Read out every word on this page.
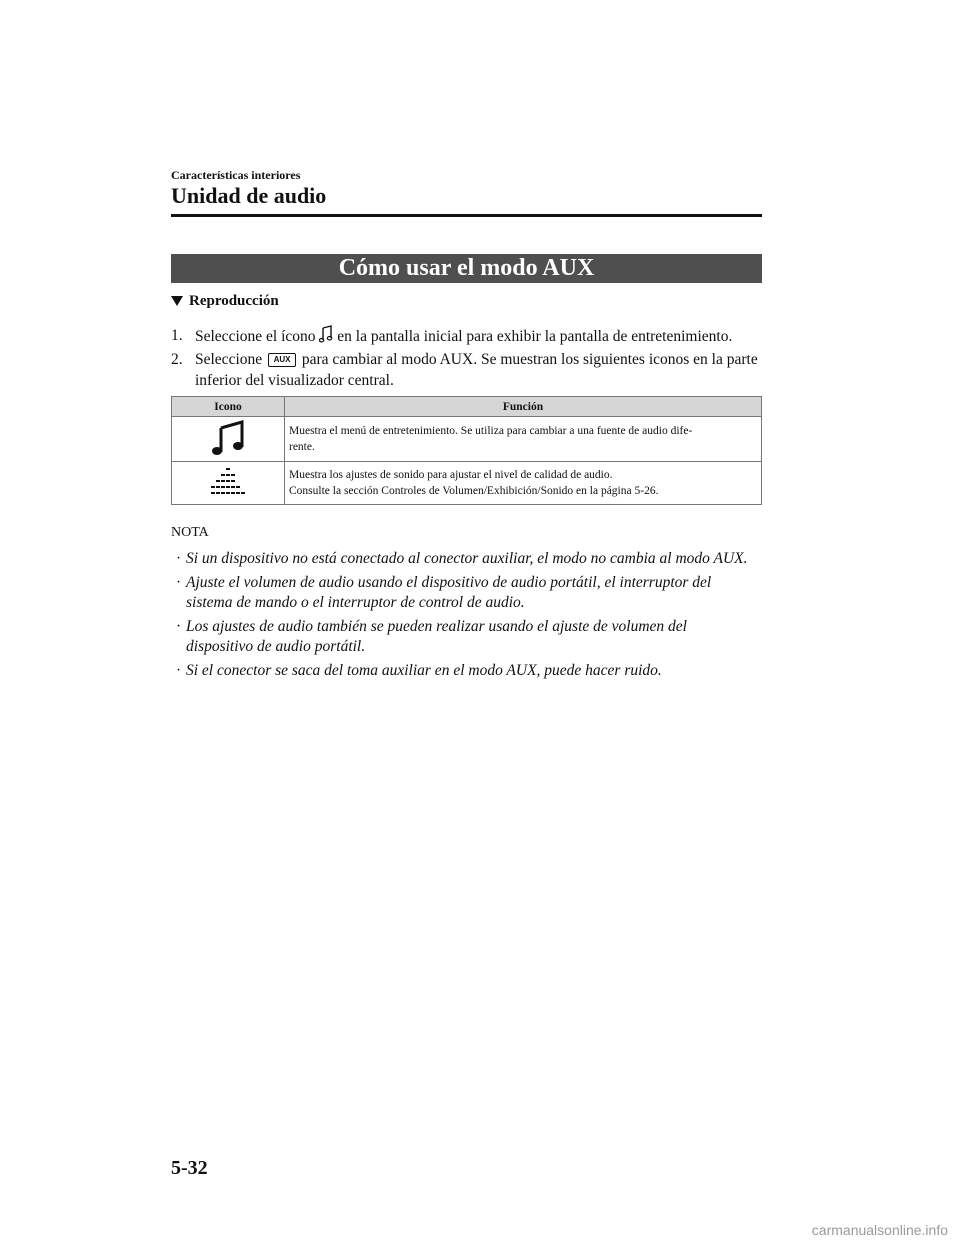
Características interiores
Unidad de audio
Cómo usar el modo AUX
Reproducción
1. Seleccione el ícono en la pantalla inicial para exhibir la pantalla de entretenimiento.
2. Seleccione AUX para cambiar al modo AUX. Se muestran los siguientes iconos en la parte inferior del visualizador central.
Icono	Función
	Muestra el menú de entretenimiento. Se utiliza para cambiar a una fuente de audio dife-
rente.
	Muestra los ajustes de sonido para ajustar el nivel de calidad de audio.
Consulte la sección Controles de Volumen/Exhibición/Sonido en la página 5-26.
NOTA
· Si un dispositivo no está conectado al conector auxiliar, el modo no cambia al modo AUX.
· Ajuste el volumen de audio usando el dispositivo de audio portátil, el interruptor del sistema de mando o el interruptor de control de audio.
· Los ajustes de audio también se pueden realizar usando el ajuste de volumen del dispositivo de audio portátil.
· Si el conector se saca del toma auxiliar en el modo AUX, puede hacer ruido.
5-32
carmanualsonline.info
